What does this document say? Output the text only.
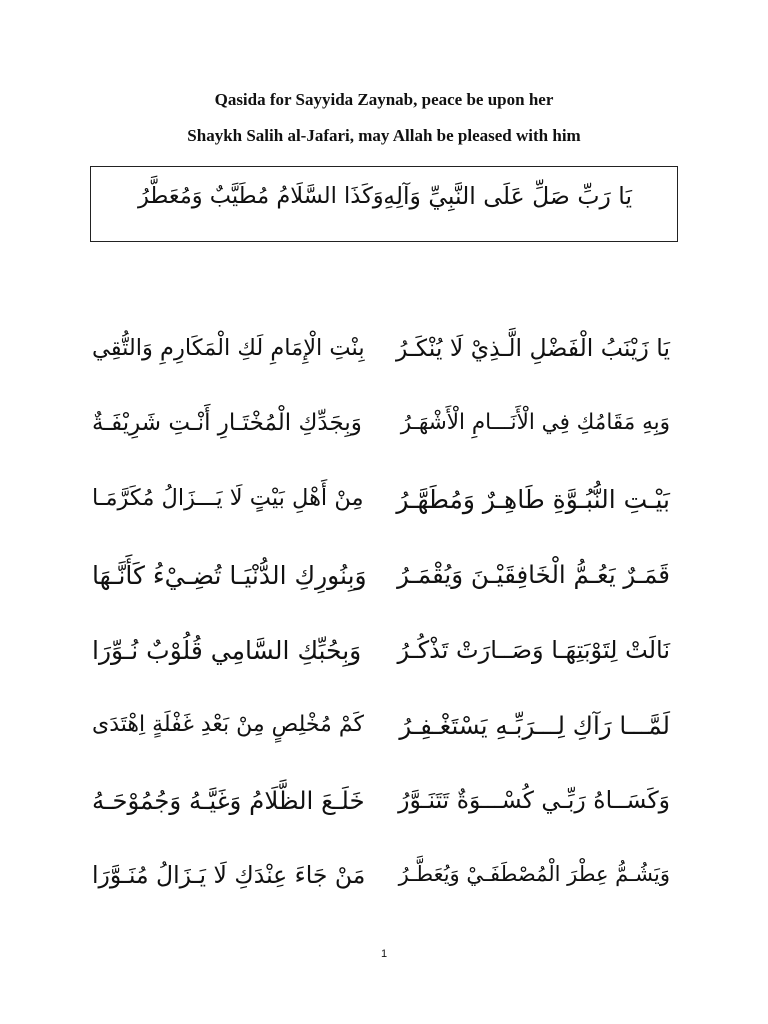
Qasida for Sayyida Zaynab, peace be upon her
Shaykh Salih al-Jafari, may Allah be pleased with him
يَا رَبِّ صَلِّ عَلَى النَّبِيِّ وَآلِهِ
وَكَذَا السَّلَامُ مُطَيَّبٌ وَمُعَطَّرُ
يَا زَيْنَبُ الْفَضْلِ الَّـذِيْ لَا يُنْكَـرُ
بِنْتِ الْإِمَامِ لَكِ الْمَكَارِمِ وَالتُّقِي
وَبِهِ مَقَامُكِ فِي الْأَنَـــامِ الْأَشْهَـرُ
وَبِجَدِّكِ الْمُخْتَـارِ أَنْـتِ شَرِيْفَـةٌ
بَيْـتِ النُّبُـوَّةِ طَاهِـرٌ وَمُطَهَّـرُ
مِنْ أَهْلِ بَيْتٍ لَا يَـــزَالُ مُكَرَّمَـا
قَمَـرٌ يَعُـمُّ الْخَافِقَيْـنَ وَيُقْمَـرُ
وَبِنُورِكِ الدُّنْيَـا تُضِـيْءُ كَأَنَّـهَا
نَالَتْ لِتَوْبَتِهَـا وَصَــارَتْ تَذْكُـرُ
وَبِحُبِّكِ السَّامِي قُلُوْبٌ نُـوِّرَا
لَمَّـــا رَآكِ لِـــرَبِّـهِ يَسْتَغْـفِـرُ
كَمْ مُخْلِصٍ مِنْ بَعْدِ غَفْلَةٍ اِهْتَدَى
وَكَسَــاهُ رَبِّـي كُسْـــوَةٌ تَتَنَـوَّرُ
خَلَـعَ الظَّلَامُ وَغَيَّـهُ وَجُمُوْحَـهُ
وَيَشُـمُّ عِطْرَ الْمُصْطَفَـيْ وَيُعَطَّـرُ
مَنْ جَاءَ عِنْدَكِ لَا يَـزَالُ مُنَـوَّرَا
1
